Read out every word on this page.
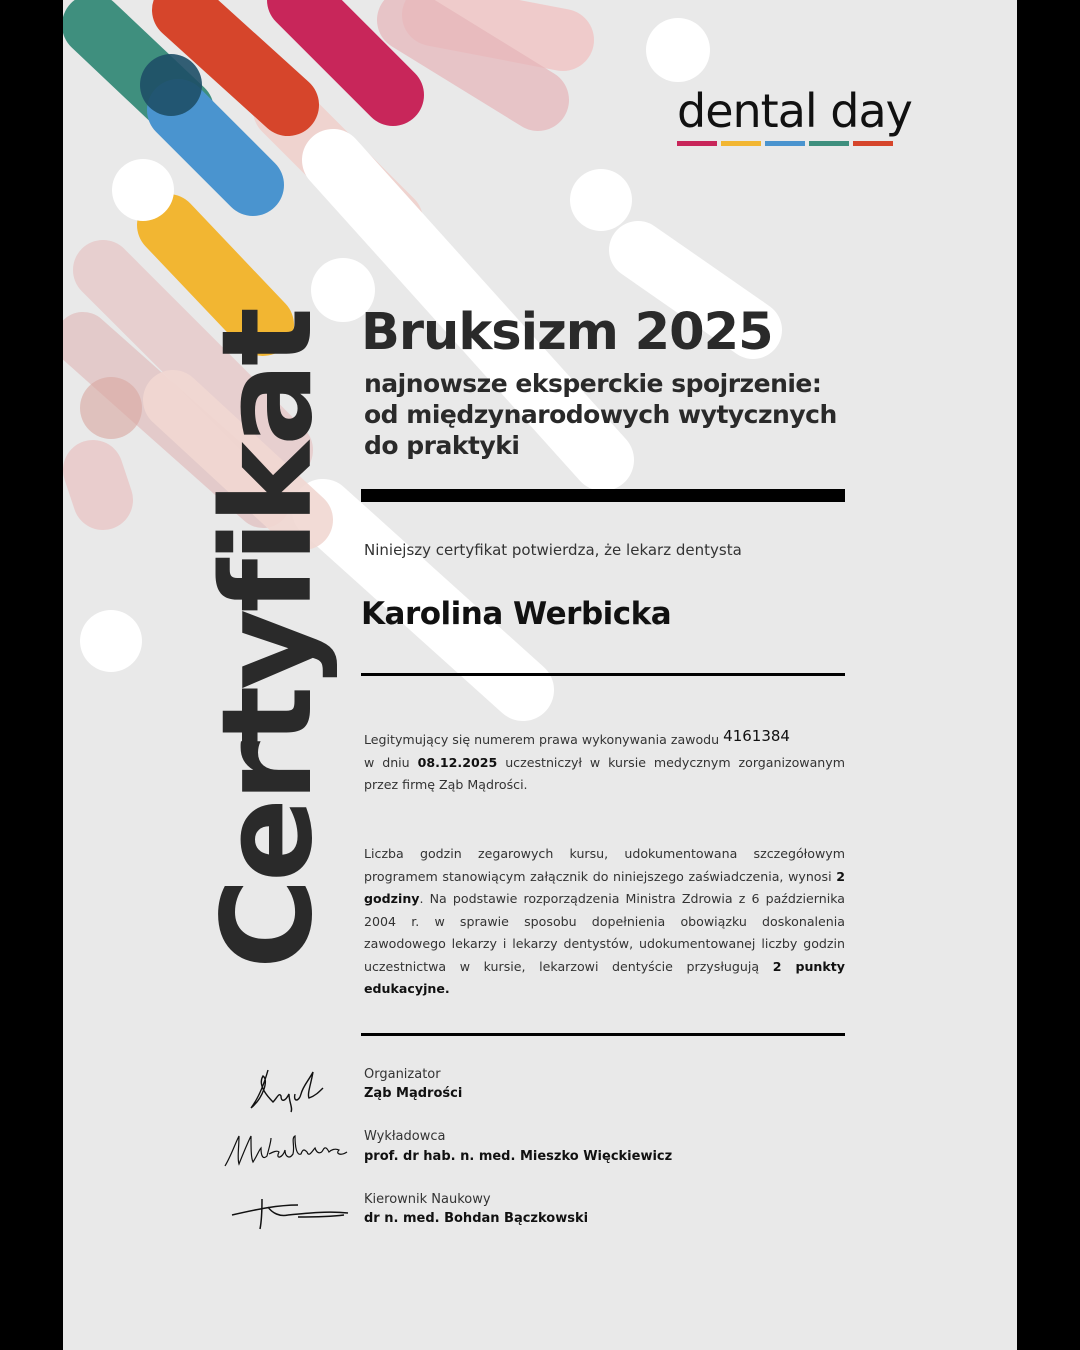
dental day
Certyfikat Bruksizm 2025
najnowsze eksperckie spojrzenie: od międzynarodowych wytycznych do praktyki
Niniejszy certyfikat potwierdza, że lekarz dentysta
Karolina Werbicka
Legitymujący się numerem prawa wykonywania zawodu 4161384
w dniu 08.12.2025 uczestniczył w kursie medycznym zorganizowanym przez firmę Ząb Mądrości.
Liczba godzin zegarowych kursu, udokumentowana szczegółowym programem stanowiącym załącznik do niniejszego zaświadczenia, wynosi 2 godziny. Na podstawie rozporządzenia Ministra Zdrowia z 6 października 2004 r. w sprawie sposobu dopełnienia obowiązku doskonalenia zawodowego lekarzy i lekarzy dentystów, udokumentowanej liczby godzin uczestnictwa w kursie, lekarzowi dentyście przysługują 2 punkty edukacyjne.
Organizator
Ząb Mądrości
Wykładowca
prof. dr hab. n. med. Mieszko Więckiewicz
Kierownik Naukowy
dr n. med. Bohdan Bączkowski
